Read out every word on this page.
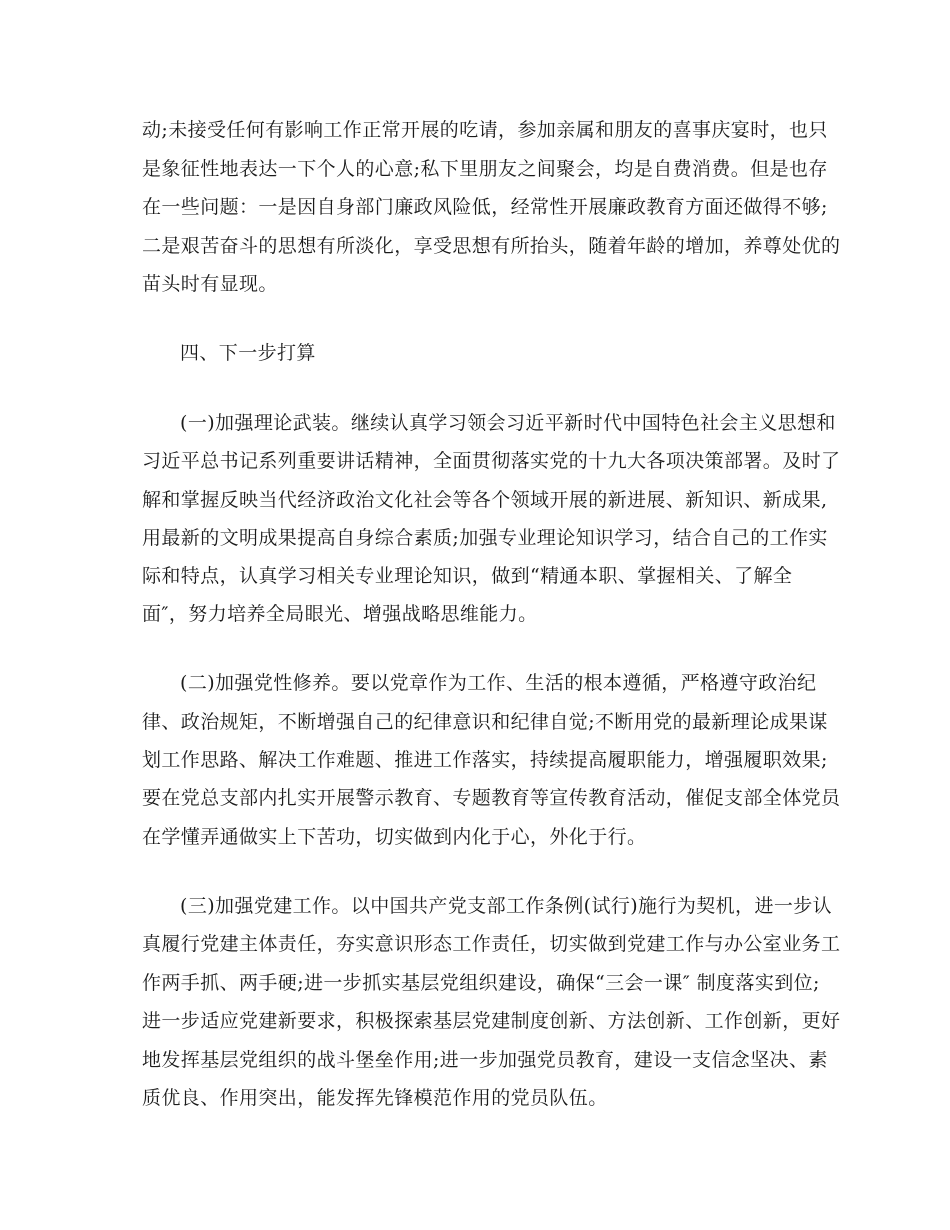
动;未接受任何有影响工作正常开展的吃请，参加亲属和朋友的喜事庆宴时，也只
是象征性地表达一下个人的心意;私下里朋友之间聚会，均是自费消费。但是也存
在一些问题：一是因自身部门廉政风险低，经常性开展廉政教育方面还做得不够;
二是艰苦奋斗的思想有所淡化，享受思想有所抬头，随着年龄的增加，养尊处优的
苗头时有显现。
四、下一步打算
(一)加强理论武装。继续认真学习领会习近平新时代中国特色社会主义思想和
习近平总书记系列重要讲话精神，全面贯彻落实党的十九大各项决策部署。及时了
解和掌握反映当代经济政治文化社会等各个领域开展的新进展、新知识、新成果,
用最新的文明成果提高自身综合素质;加强专业理论知识学习，结合自己的工作实
际和特点，认真学习相关专业理论知识，做到“精通本职、掌握相关、了解全
面″，努力培养全局眼光、增强战略思维能力。
(二)加强党性修养。要以党章作为工作、生活的根本遵循，严格遵守政治纪
律、政治规矩，不断增强自己的纪律意识和纪律自觉;不断用党的最新理论成果谋
划工作思路、解决工作难题、推进工作落实，持续提高履职能力，增强履职效果;
要在党总支部内扎实开展警示教育、专题教育等宣传教育活动，催促支部全体党员
在学懂弄通做实上下苦功，切实做到内化于心，外化于行。
(三)加强党建工作。以中国共产党支部工作条例(试行)施行为契机，进一步认
真履行党建主体责任，夯实意识形态工作责任，切实做到党建工作与办公室业务工
作两手抓、两手硬;进一步抓实基层党组织建设，确保“三会一课″ 制度落实到位;
进一步适应党建新要求，积极探索基层党建制度创新、方法创新、工作创新，更好
地发挥基层党组织的战斗堡垒作用;进一步加强党员教育，建设一支信念坚决、素
质优良、作用突出，能发挥先锋模范作用的党员队伍。
